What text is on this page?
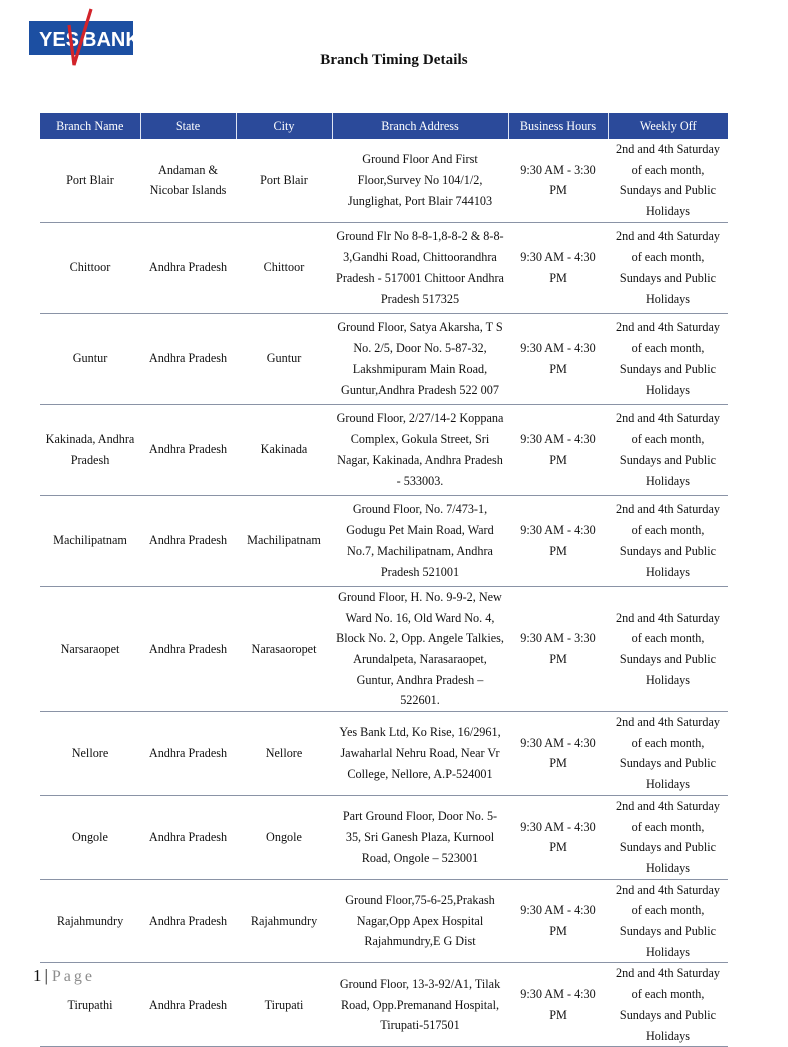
YES BANK
Branch Timing Details
Branch Name	State	City	Branch Address	Business Hours	Weekly Off
Port Blair	Andaman & Nicobar Islands	Port Blair	Ground Floor And First Floor,Survey No 104/1/2, Junglighat, Port Blair 744103	9:30 AM - 3:30 PM	2nd and 4th Saturday of each month, Sundays and Public Holidays
Chittoor	Andhra Pradesh	Chittoor	Ground Flr No 8-8-1,8-8-2 & 8-8-3,Gandhi Road, Chittoorandhra Pradesh - 517001 Chittoor Andhra Pradesh 517325	9:30 AM - 4:30 PM	2nd and 4th Saturday of each month, Sundays and Public Holidays
Guntur	Andhra Pradesh	Guntur	Ground Floor, Satya Akarsha, T S No. 2/5, Door No. 5-87-32, Lakshmipuram Main Road, Guntur,Andhra Pradesh 522 007	9:30 AM - 4:30 PM	2nd and 4th Saturday of each month, Sundays and Public Holidays
Kakinada, Andhra Pradesh	Andhra Pradesh	Kakinada	Ground Floor, 2/27/14-2 Koppana Complex, Gokula Street, Sri Nagar, Kakinada, Andhra Pradesh - 533003.	9:30 AM - 4:30 PM	2nd and 4th Saturday of each month, Sundays and Public Holidays
Machilipatnam	Andhra Pradesh	Machilipatnam	Ground Floor, No. 7/473-1, Godugu Pet Main Road, Ward No.7, Machilipatnam, Andhra Pradesh 521001	9:30 AM - 4:30 PM	2nd and 4th Saturday of each month, Sundays and Public Holidays
Narsaraopet	Andhra Pradesh	Narasaoropet	Ground Floor, H. No. 9-9-2, New Ward No. 16, Old Ward No. 4, Block No. 2, Opp. Angele Talkies, Arundalpeta, Narasaraopet, Guntur, Andhra Pradesh – 522601.	9:30 AM - 3:30 PM	2nd and 4th Saturday of each month, Sundays and Public Holidays
Nellore	Andhra Pradesh	Nellore	Yes Bank Ltd, Ko Rise, 16/2961, Jawaharlal Nehru Road, Near Vr College, Nellore, A.P-524001	9:30 AM - 4:30 PM	2nd and 4th Saturday of each month, Sundays and Public Holidays
Ongole	Andhra Pradesh	Ongole	Part Ground Floor, Door No. 5-35, Sri Ganesh Plaza, Kurnool Road, Ongole – 523001	9:30 AM - 4:30 PM	2nd and 4th Saturday of each month, Sundays and Public Holidays
Rajahmundry	Andhra Pradesh	Rajahmundry	Ground Floor,75-6-25,Prakash Nagar,Opp Apex Hospital Rajahmundry,E G Dist	9:30 AM - 4:30 PM	2nd and 4th Saturday of each month, Sundays and Public Holidays
Tirupathi	Andhra Pradesh	Tirupati	Ground Floor, 13-3-92/A1, Tilak Road, Opp.Premanand Hospital, Tirupati-517501	9:30 AM - 4:30 PM	2nd and 4th Saturday of each month, Sundays and Public Holidays
1 | Page
